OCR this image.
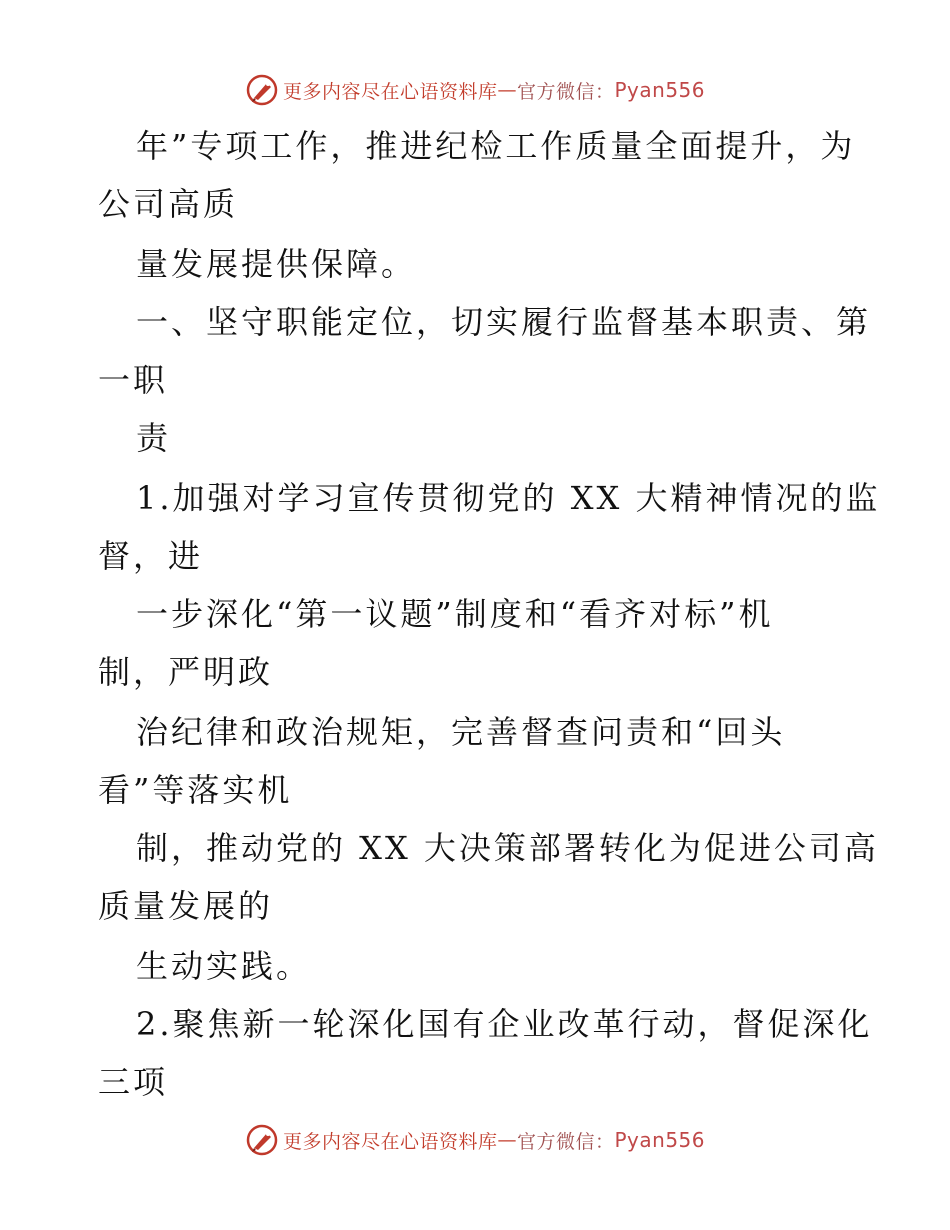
更多内容尽在心语资料库 — 官方微信： Pyan556
年”专项工作，推进纪检工作质量全面提升，为
公司高质
量发展提供保障。
一、坚守职能定位，切实履行监督基本职责、第
一职
责
1.加强对学习宣传贯彻党的 XX 大精神情况的监
督，进
一步深化“第一议题”制度和“看齐对标”机
制，严明政
治纪律和政治规矩，完善督查问责和“回头
看”等落实机
制，推动党的 XX 大决策部署转化为促进公司高
质量发展的
生动实践。
2.聚焦新一轮深化国有企业改革行动，督促深化
三项
更多内容尽在心语资料库 — 官方微信： Pyan556
